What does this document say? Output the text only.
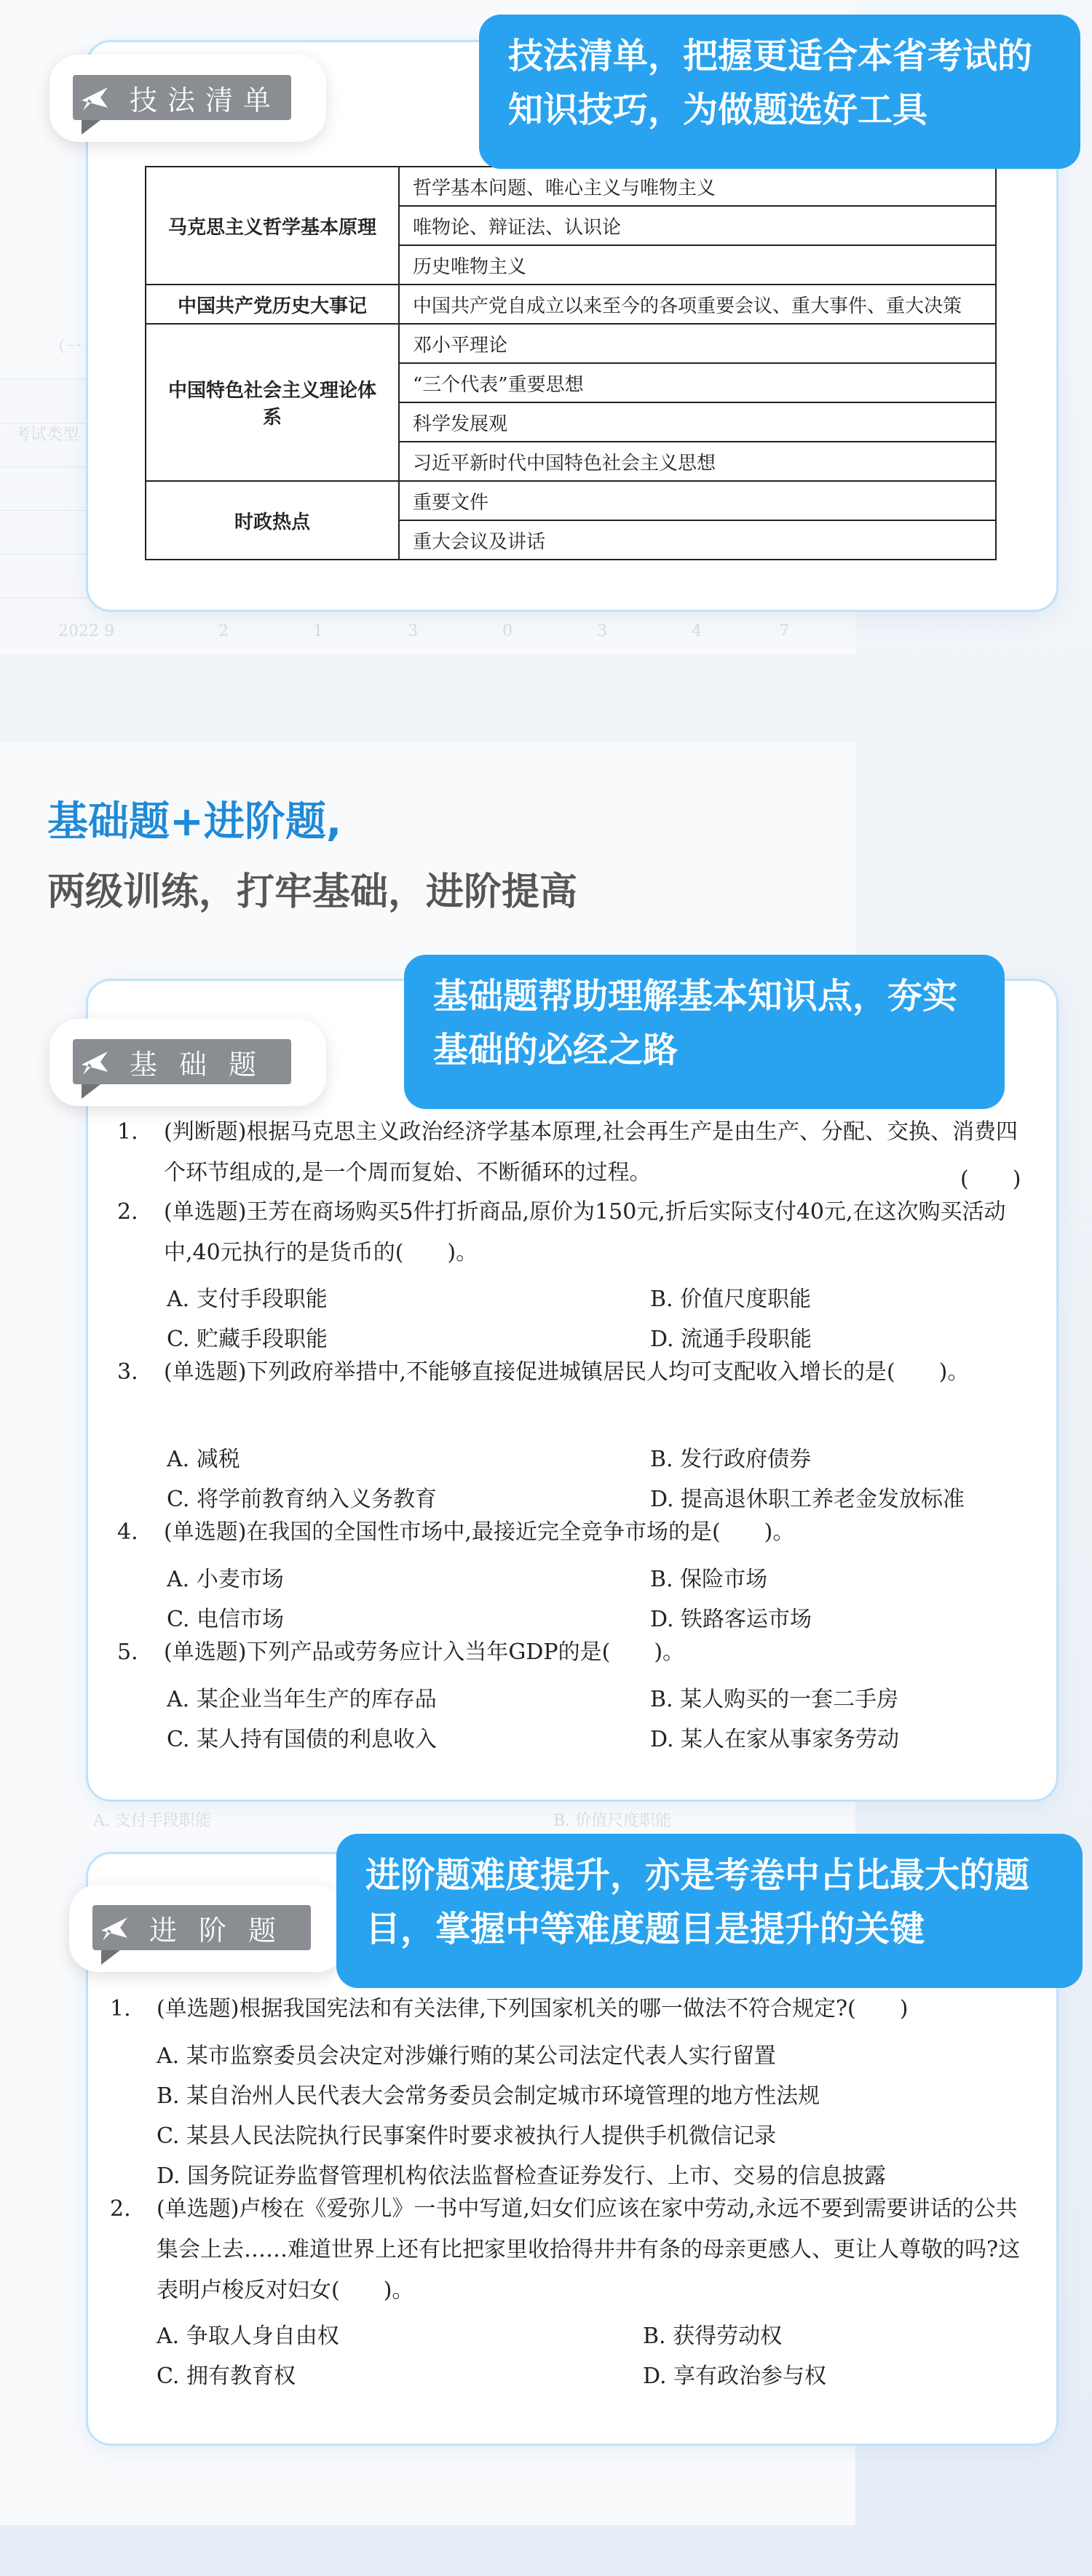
（一
考试类型
2022 9	2	1	3	0	3	4	7
A. 支付手段职能	B. 价值尺度职能
马克思主义哲学基本原理	哲学基本问题、唯心主义与唯物主义
	唯物论、辩证法、认识论
	历史唯物主义
中国共产党历史大事记	中国共产党自成立以来至今的各项重要会议、重大事件、重大决策
中国特色社会主义理论体系	邓小平理论
	“三个代表”重要思想
	科学发展观
	习近平新时代中国特色社会主义思想
时政热点	重要文件
	重大会议及讲话
技法清单
技法清单，把握更适合本省考试的知识技巧，为做题选好工具
基础题+进阶题,
两级训练，打牢基础，进阶提高
1. (判断题)根据马克思主义政治经济学基本原理,社会再生产是由生产、分配、交换、消费四个环节组成的,是一个周而复始、不断循环的过程。	(　　)
2. (单选题)王芳在商场购买5件打折商品,原价为150元,折后实际支付40元,在这次购买活动中,40元执行的是货币的(　　)。
A. 支付手段职能	B. 价值尺度职能
C. 贮藏手段职能	D. 流通手段职能
3. (单选题)下列政府举措中,不能够直接促进城镇居民人均可支配收入增长的是(　　)。
A. 减税	B. 发行政府债券
C. 将学前教育纳入义务教育	D. 提高退休职工养老金发放标准
4. (单选题)在我国的全国性市场中,最接近完全竞争市场的是(　　)。
A. 小麦市场	B. 保险市场
C. 电信市场	D. 铁路客运市场
5. (单选题)下列产品或劳务应计入当年GDP的是(　　)。
A. 某企业当年生产的库存品	B. 某人购买的一套二手房
C. 某人持有国债的利息收入	D. 某人在家从事家务劳动
基础题
基础题帮助理解基本知识点，夯实基础的必经之路
1. (单选题)根据我国宪法和有关法律,下列国家机关的哪一做法不符合规定?(　　)
A. 某市监察委员会决定对涉嫌行贿的某公司法定代表人实行留置
B. 某自治州人民代表大会常务委员会制定城市环境管理的地方性法规
C. 某县人民法院执行民事案件时要求被执行人提供手机微信记录
D. 国务院证券监督管理机构依法监督检查证券发行、上市、交易的信息披露
2. (单选题)卢梭在《爱弥儿》一书中写道,妇女们应该在家中劳动,永远不要到需要讲话的公共集会上去……难道世界上还有比把家里收拾得井井有条的母亲更感人、更让人尊敬的吗?这表明卢梭反对妇女(　　)。
A. 争取人身自由权	B. 获得劳动权
C. 拥有教育权	D. 享有政治参与权
进阶题
进阶题难度提升，亦是考卷中占比最大的题目，掌握中等难度题目是提升的关键
